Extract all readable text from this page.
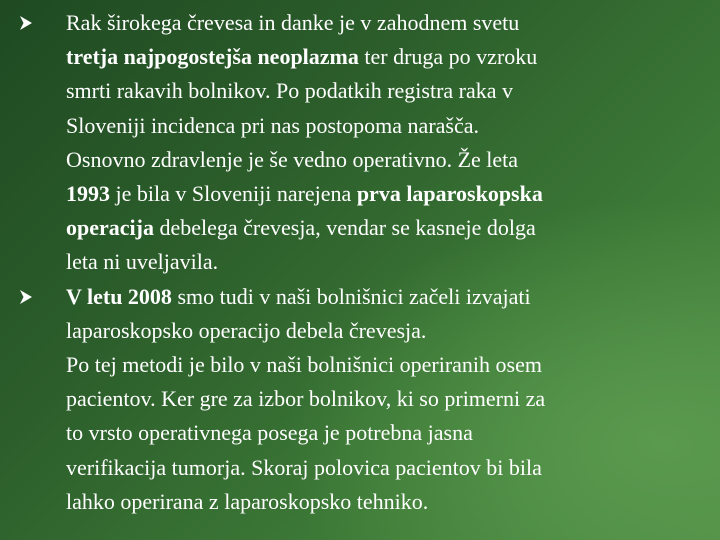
Rak širokega črevesa in danke je v zahodnem svetu
tretja najpogostejša neoplazma ter druga po vzroku
smrti rakavih bolnikov. Po podatkih registra raka v
Sloveniji incidenca pri nas postopoma narašča.
Osnovno zdravlenje je še vedno operativno. Že leta
1993 je bila v Sloveniji narejena prva laparoskopska
operacija debelega črevesja, vendar se kasneje dolga
leta ni uveljavila.
V letu 2008 smo tudi v naši bolnišnici začeli izvajati
laparoskopsko operacijo debela črevesja.
Po tej metodi je bilo v naši bolnišnici operiranih osem
pacientov. Ker gre za izbor bolnikov, ki so primerni za
to vrsto operativnega posega je potrebna jasna
verifikacija tumorja. Skoraj polovica pacientov bi bila
lahko operirana z laparoskopsko tehniko.
